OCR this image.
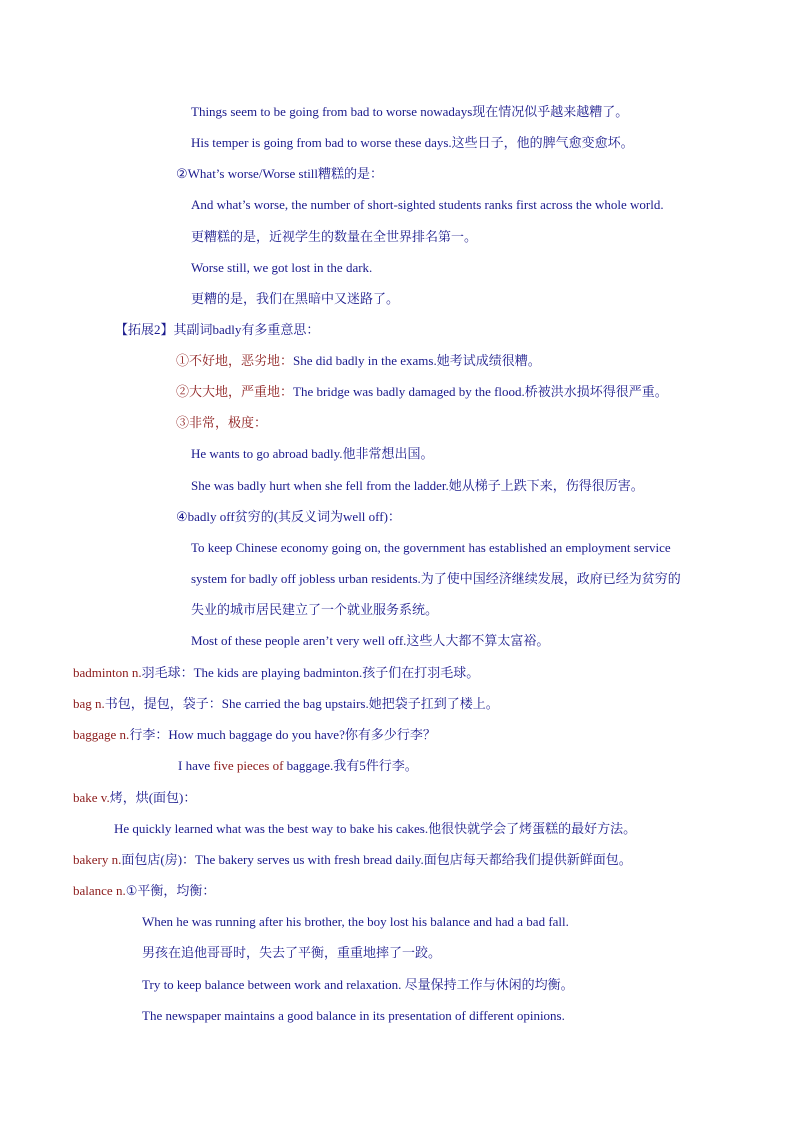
Things seem to be going from bad to worse nowadays现在情况似乎越来越糟了。
His temper is going from bad to worse these days.这些日子，他的脾气愈变愈坏。
②What’s worse/Worse still糟糕的是：
And what’s worse, the number of short-sighted students ranks first across the whole world.
更糟糕的是，近视学生的数量在全世界排名第一。
Worse still, we got lost in the dark.
更糟的是，我们在黑暗中又迷路了。
【拓展2】其副词badly有多重意思：
①不好地，恶劣地：She did badly in the exams.她考试成绩很糟。
②大大地，严重地：The bridge was badly damaged by the flood.桥被洪水损坏得很严重。
③非常，极度：
He wants to go abroad badly.他非常想出国。
She was badly hurt when she fell from the ladder.她从梯子上跌下来，伤得很厉害。
④badly off贫穷的(其反义词为well off)：
To keep Chinese economy going on, the government has established an employment service
system for badly off jobless urban residents.为了使中国经济继续发展，政府已经为贫穷的
失业的城市居民建立了一个就业服务系统。
Most of these people aren’t very well off.这些人大都不算太富裕。
badminton n.羽毛球：The kids are playing badminton.孩子们在打羽毛球。
bag n.书包，提包，袋子：She carried the bag upstairs.她把袋子扛到了楼上。
baggage n.行李：How much baggage do you have?你有多少行李？
I have five pieces of baggage.我有5件行李。
bake v.烤，烘(面包)：
He quickly learned what was the best way to bake his cakes.他很快就学会了烤蛋糕的最好方法。
bakery n.面包店(房)：The bakery serves us with fresh bread daily.面包店每天都给我们提供新鲜面包。
balance n.①平衡，均衡：
When he was running after his brother, the boy lost his balance and had a bad fall.
男孩在追他哥哥时，失去了平衡，重重地摔了一跤。
Try to keep balance between work and relaxation. 尽量保持工作与休闲的均衡。
The newspaper maintains a good balance in its presentation of different opinions.
